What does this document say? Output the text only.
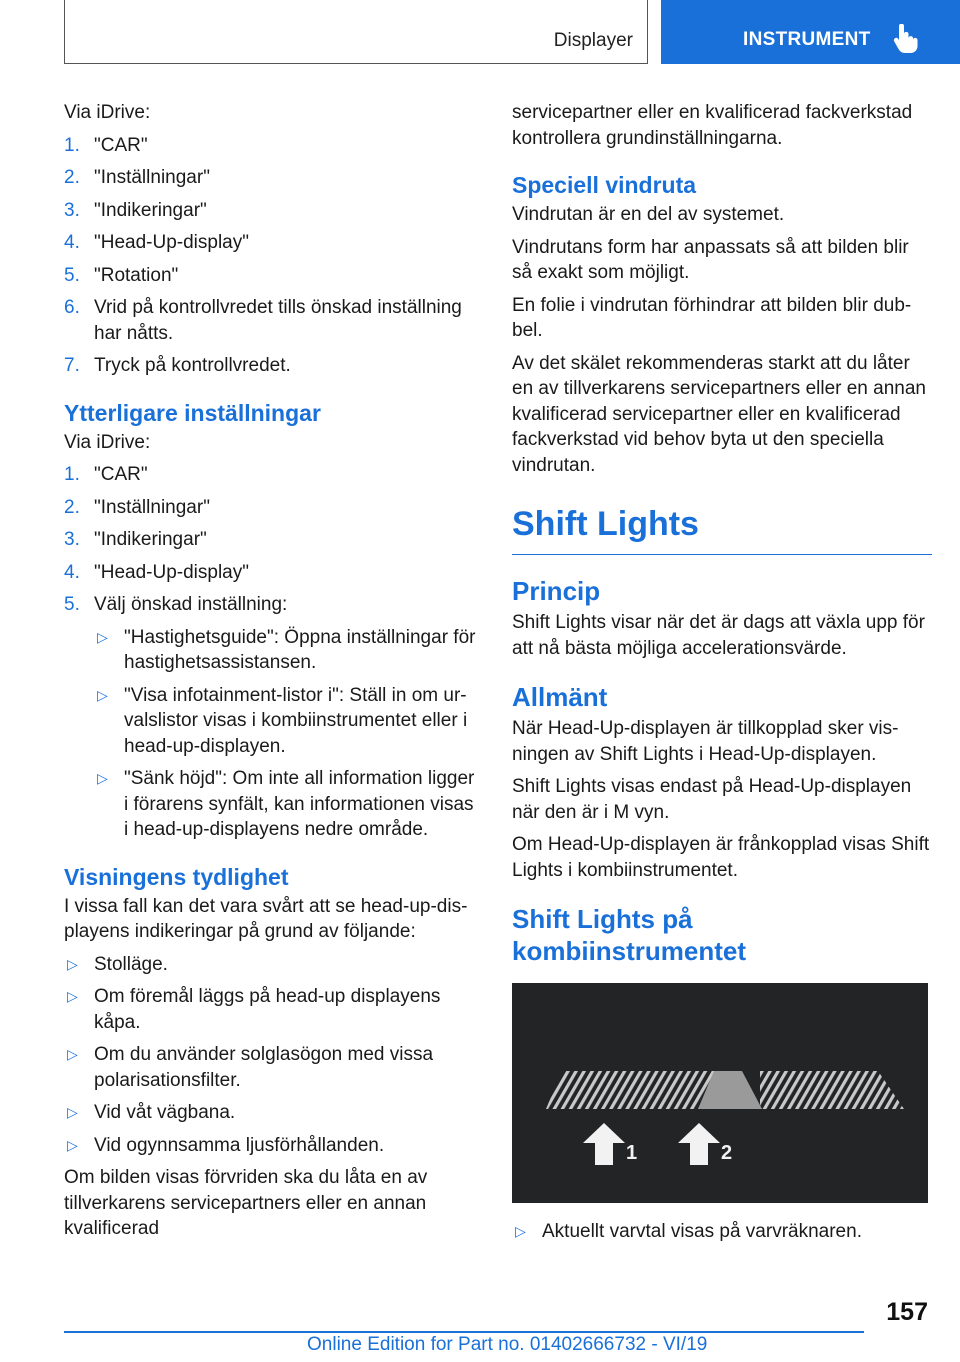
Displayer	INSTRUMENT

Via iDrive:

1. "CAR"
2. "Inställningar"
3. "Indikeringar"
4. "Head-Up-display"
5. "Rotation"
6. Vrid på kontrollvredet tills önskad inställning har nåtts.
7. Tryck på kontrollvredet.
Ytterligare inställningar

Via iDrive:

1. "CAR"
2. "Inställningar"
3. "Indikeringar"
4. "Head-Up-display"
5. Välj önskad inställning:
▷ "Hastighetsguide": Öppna inställningar för hastighetsassistansen.
▷ "Visa infotainment-listor i": Ställ in om urvalslistor visas i kombiinstrumentet eller i head-up-displayen.
▷ "Sänk höjd": Om inte all information ligger i förarens synfält, kan informationen visas i head-up-displayens nedre område.
Visningens tydlighet

I vissa fall kan det vara svårt att se head-up-displayens indikeringar på grund av följande:

▷ Stolläge.
▷ Om föremål läggs på head-up displayens kåpa.
▷ Om du använder solglasögon med vissa polarisationsfilter.
▷ Vid våt vägbana.
▷ Vid ogynnsamma ljusförhållanden.

Om bilden visas förvriden ska du låta en av tillverkarens servicepartners eller en annan kvalificerad

servicepartner eller en kvalificerad fackverkstad kontrollera grundinställningarna.

Speciell vindruta

Vindrutan är en del av systemet.

Vindrutans form har anpassats så att bilden blir så exakt som möjligt.

En folie i vindrutan förhindrar att bilden blir dubbel.

Av det skälet rekommenderas starkt att du låter en av tillverkarens servicepartners eller en annan kvalificerad servicepartner eller en kvalificerad fackverkstad vid behov byta ut den speciella vindrutan.

Shift Lights
Princip

Shift Lights visar när det är dags att växla upp för att nå bästa möjliga accelerationsvärde.

Allmänt

När Head-Up-displayen är tillkopplad sker visningen av Shift Lights i Head-Up-displayen.

Shift Lights visas endast på Head-Up-displayen när den är i M vyn.

Om Head-Up-displayen är frånkopplad visas Shift Lights i kombiinstrumentet.

Shift Lights på kombiinstrumentet
1	2
▷ Aktuellt varvtal visas på varvräknaren.
157
Online Edition for Part no. 01402666732 - VI/19
